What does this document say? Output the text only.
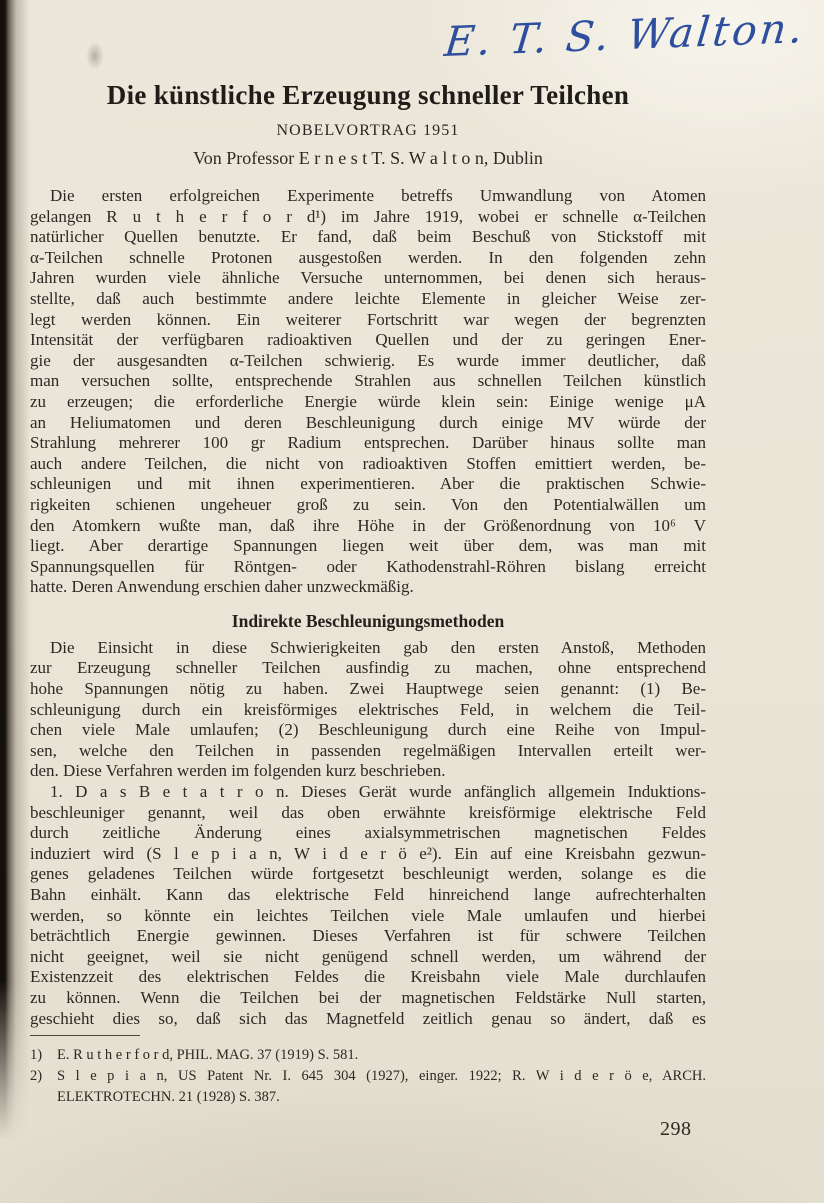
E. T. S. Walton.
Die künstliche Erzeugung schneller Teilchen
NOBELVORTRAG 1951
Von Professor E r n e s t T. S. W a l t o n, Dublin
Die ersten erfolgreichen Experimente betreffs Umwandlung von Atomen
gelangen R u t h e r f o r d¹) im Jahre 1919, wobei er schnelle α-Teilchen
natürlicher Quellen benutzte. Er fand, daß beim Beschuß von Stickstoff mit
α-Teilchen schnelle Protonen ausgestoßen werden. In den folgenden zehn
Jahren wurden viele ähnliche Versuche unternommen, bei denen sich heraus-
stellte, daß auch bestimmte andere leichte Elemente in gleicher Weise zer-
legt werden können. Ein weiterer Fortschritt war wegen der begrenzten
Intensität der verfügbaren radioaktiven Quellen und der zu geringen Ener-
gie der ausgesandten α-Teilchen schwierig. Es wurde immer deutlicher, daß
man versuchen sollte, entsprechende Strahlen aus schnellen Teilchen künstlich
zu erzeugen; die erforderliche Energie würde klein sein: Einige wenige μA
an Heliumatomen und deren Beschleunigung durch einige MV würde der
Strahlung mehrerer 100 gr Radium entsprechen. Darüber hinaus sollte man
auch andere Teilchen, die nicht von radioaktiven Stoffen emittiert werden, be-
schleunigen und mit ihnen experimentieren. Aber die praktischen Schwie-
rigkeiten schienen ungeheuer groß zu sein. Von den Potentialwällen um
den Atomkern wußte man, daß ihre Höhe in der Größenordnung von 10⁶ V
liegt. Aber derartige Spannungen liegen weit über dem, was man mit
Spannungsquellen für Röntgen- oder Kathodenstrahl-Röhren bislang erreicht
hatte. Deren Anwendung erschien daher unzweckmäßig.
Indirekte Beschleunigungsmethoden
Die Einsicht in diese Schwierigkeiten gab den ersten Anstoß, Methoden
zur Erzeugung schneller Teilchen ausfindig zu machen, ohne entsprechend
hohe Spannungen nötig zu haben. Zwei Hauptwege seien genannt: (1) Be-
schleunigung durch ein kreisförmiges elektrisches Feld, in welchem die Teil-
chen viele Male umlaufen; (2) Beschleunigung durch eine Reihe von Impul-
sen, welche den Teilchen in passenden regelmäßigen Intervallen erteilt wer-
den. Diese Verfahren werden im folgenden kurz beschrieben.
1. D a s B e t a t r o n. Dieses Gerät wurde anfänglich allgemein Induktions-
beschleuniger genannt, weil das oben erwähnte kreisförmige elektrische Feld
durch zeitliche Änderung eines axialsymmetrischen magnetischen Feldes
induziert wird (S l e p i a n, W i d e r ö e²). Ein auf eine Kreisbahn gezwun-
genes geladenes Teilchen würde fortgesetzt beschleunigt werden, solange es die
Bahn einhält. Kann das elektrische Feld hinreichend lange aufrechterhalten
werden, so könnte ein leichtes Teilchen viele Male umlaufen und hierbei
beträchtlich Energie gewinnen. Dieses Verfahren ist für schwere Teilchen
nicht geeignet, weil sie nicht genügend schnell werden, um während der
Existenzzeit des elektrischen Feldes die Kreisbahn viele Male durchlaufen
zu können. Wenn die Teilchen bei der magnetischen Feldstärke Null starten,
geschieht dies so, daß sich das Magnetfeld zeitlich genau so ändert, daß es
1) E. R u t h e r f o r d, PHIL. MAG. 37 (1919) S. 581.
2) S l e p i a n, US Patent Nr. I. 645 304 (1927), einger. 1922; R. W i d e r ö e, ARCH.
ELEKTROTECHN. 21 (1928) S. 387.
298
